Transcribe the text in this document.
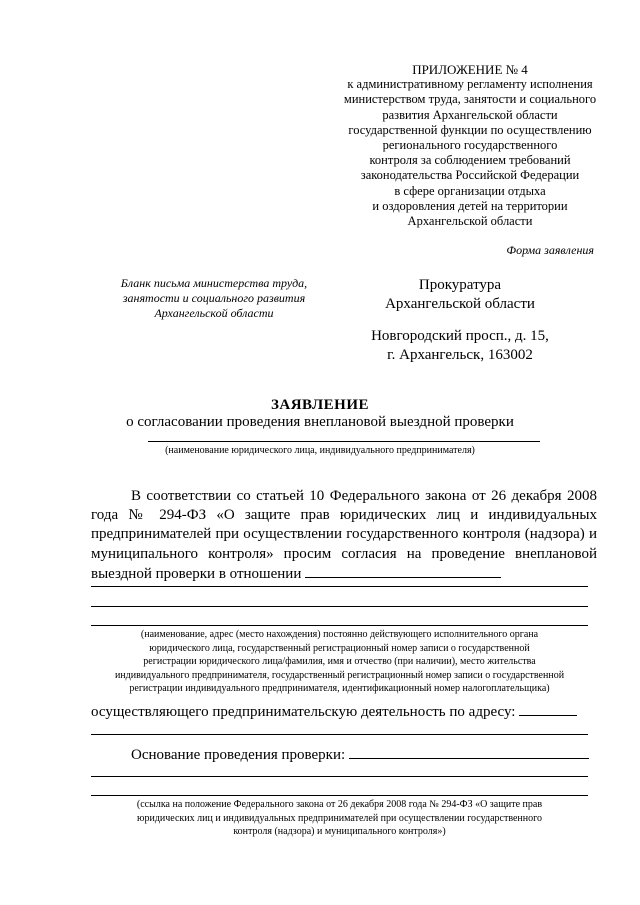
ПРИЛОЖЕНИЕ № 4
к административному регламенту исполнения
министерством труда, занятости и социального
развития Архангельской области
государственной функции по осуществлению
регионального государственного
контроля за соблюдением требований
законодательства Российской Федерации
в сфере организации отдыха
и оздоровления детей на территории
Архангельской области
Форма заявления
Бланк письма министерства труда,
занятости и социального развития
Архангельской области
Прокуратура
Архангельской области
Новгородский просп., д. 15,
г. Архангельск, 163002
ЗАЯВЛЕНИЕ
о согласовании проведения внеплановой выездной проверки
(наименование юридического лица, индивидуального предпринимателя)

В соответствии со статьей 10 Федерального закона от 26 декабря 2008 года № 294-ФЗ «О защите прав юридических лиц и индивидуальных предпринимателей при осуществлении государственного контроля (надзора) и муниципального контроля» просим согласия на проведение внеплановой выездной проверки в отношении

(наименование, адрес (место нахождения) постоянно действующего исполнительного органа
юридического лица, государственный регистрационный номер записи о государственной
регистрации юридического лица/фамилия, имя и отчество (при наличии), место жительства
индивидуального предпринимателя, государственный регистрационный номер записи о государственной
регистрации индивидуального предпринимателя, идентификационный номер налогоплательщика)
осуществляющего предпринимательскую деятельность по адресу:
Основание проведения проверки:
(ссылка на положение Федерального закона от 26 декабря 2008 года № 294-ФЗ «О защите прав
юридических лиц и индивидуальных предпринимателей при осуществлении государственного
контроля (надзора) и муниципального контроля»)
